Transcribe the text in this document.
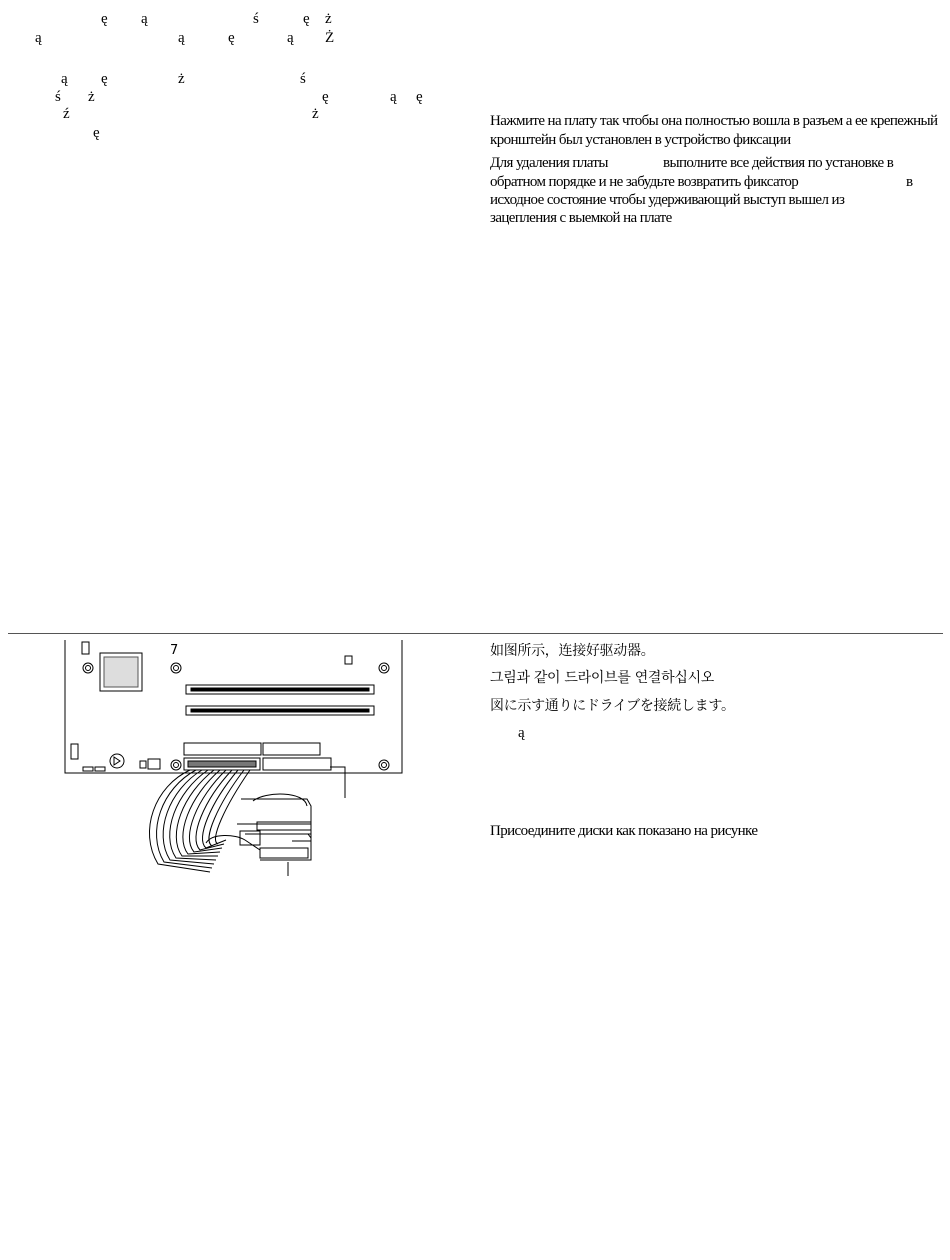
ę ą	ś	ę ż
ą	ą	ę	ą Ż
ą ę	ż	ś
ś ż	ę	ą ę
ź	ż
ę
Нажмите на плату так чтобы она полностью вошла в разъем а ее крепежный кронштейн был установлен в устройство фиксации
Для удаления платы	выполните все действия по установке в
обратном порядке и не забудьте возвратить фиксатор	в
исходное состояние чтобы удерживающий выступ вышел из
зацепления с выемкой на плате
如图所示，连接好驱动器。
그림과 같이 드라이브를 연결하십시오
図に示す通りにドライブを接続します。
ą
Присоедините диски как показано на рисунке
7
